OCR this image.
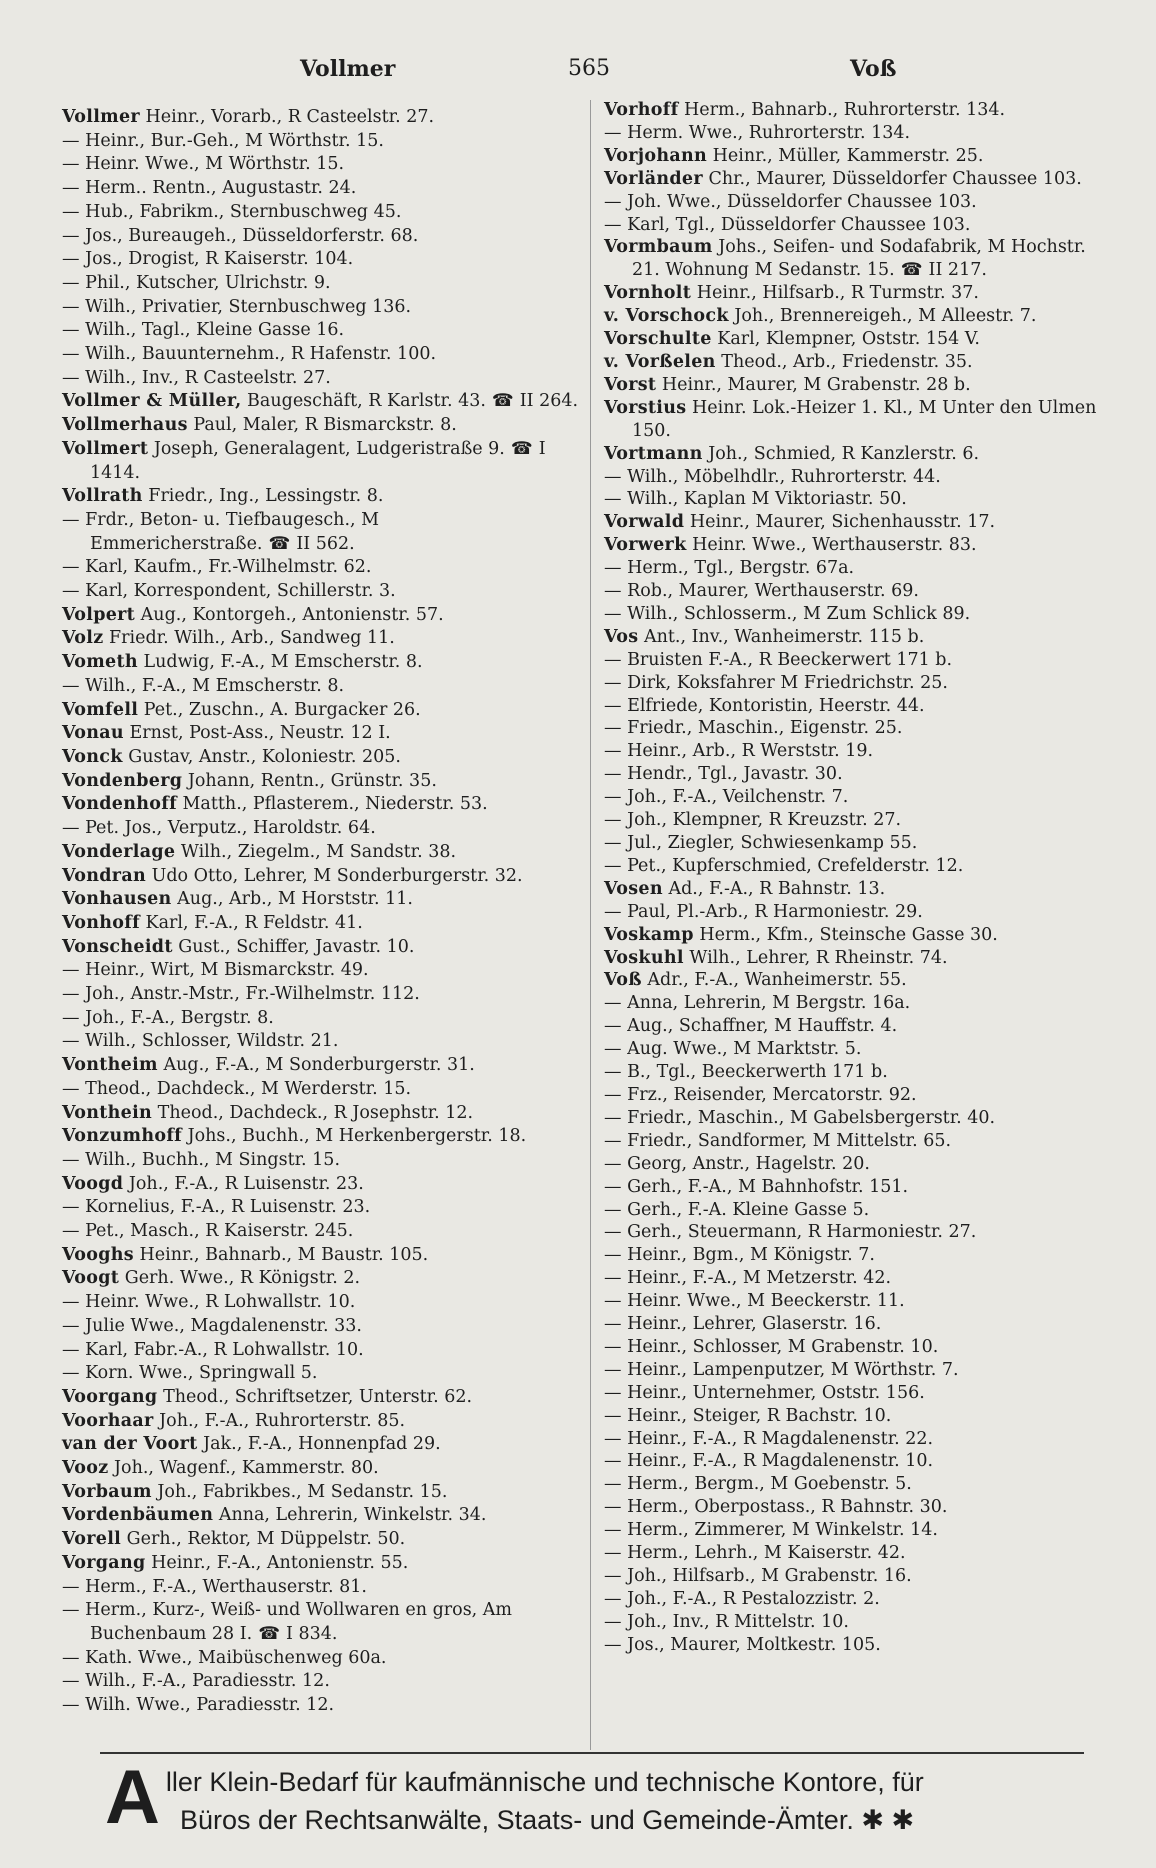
Vollmer	565	Voß
Vollmer Heinr., Vorarb., R Casteelstr. 27.
— Heinr., Bur.-Geh., M Wörthstr. 15.
— Heinr. Wwe., M Wörthstr. 15.
— Herm.. Rentn., Augustastr. 24.
— Hub., Fabrikm., Sternbuschweg 45.
— Jos., Bureaugeh., Düsseldorferstr. 68.
— Jos., Drogist, R Kaiserstr. 104.
— Phil., Kutscher, Ulrichstr. 9.
— Wilh., Privatier, Sternbuschweg 136.
— Wilh., Tagl., Kleine Gasse 16.
— Wilh., Bauunternehm., R Hafenstr. 100.
— Wilh., Inv., R Casteelstr. 27.
Vollmer & Müller, Baugeschäft, R Karlstr. 43. ☎ II 264.
Vollmerhaus Paul, Maler, R Bismarckstr. 8.
Vollmert Joseph, Generalagent, Ludgeristraße 9. ☎ I 1414.
Vollrath Friedr., Ing., Lessingstr. 8.
— Frdr., Beton- u. Tiefbaugesch., M Emmericherstraße. ☎ II 562.
— Karl, Kaufm., Fr.-Wilhelmstr. 62.
— Karl, Korrespondent, Schillerstr. 3.
Volpert Aug., Kontorgeh., Antonienstr. 57.
Volz Friedr. Wilh., Arb., Sandweg 11.
Vometh Ludwig, F.-A., M Emscherstr. 8.
— Wilh., F.-A., M Emscherstr. 8.
Vomfell Pet., Zuschn., A. Burgacker 26.
Vonau Ernst, Post-Ass., Neustr. 12 I.
Vonck Gustav, Anstr., Koloniestr. 205.
Vondenberg Johann, Rentn., Grünstr. 35.
Vondenhoff Matth., Pflasterem., Niederstr. 53.
— Pet. Jos., Verputz., Haroldstr. 64.
Vonderlage Wilh., Ziegelm., M Sandstr. 38.
Vondran Udo Otto, Lehrer, M Sonderburgerstr. 32.
Vonhausen Aug., Arb., M Horststr. 11.
Vonhoff Karl, F.-A., R Feldstr. 41.
Vonscheidt Gust., Schiffer, Javastr. 10.
— Heinr., Wirt, M Bismarckstr. 49.
— Joh., Anstr.-Mstr., Fr.-Wilhelmstr. 112.
— Joh., F.-A., Bergstr. 8.
— Wilh., Schlosser, Wildstr. 21.
Vontheim Aug., F.-A., M Sonderburgerstr. 31.
— Theod., Dachdeck., M Werderstr. 15.
Vonthein Theod., Dachdeck., R Josephstr. 12.
Vonzumhoff Johs., Buchh., M Herkenbergerstr. 18.
— Wilh., Buchh., M Singstr. 15.
Voogd Joh., F.-A., R Luisenstr. 23.
— Kornelius, F.-A., R Luisenstr. 23.
— Pet., Masch., R Kaiserstr. 245.
Vooghs Heinr., Bahnarb., M Baustr. 105.
Voogt Gerh. Wwe., R Königstr. 2.
— Heinr. Wwe., R Lohwallstr. 10.
— Julie Wwe., Magdalenenstr. 33.
— Karl, Fabr.-A., R Lohwallstr. 10.
— Korn. Wwe., Springwall 5.
Voorgang Theod., Schriftsetzer, Unterstr. 62.
Voorhaar Joh., F.-A., Ruhrorterstr. 85.
van der Voort Jak., F.-A., Honnenpfad 29.
Vooz Joh., Wagenf., Kammerstr. 80.
Vorbaum Joh., Fabrikbes., M Sedanstr. 15.
Vordenbäumen Anna, Lehrerin, Winkelstr. 34.
Vorell Gerh., Rektor, M Düppelstr. 50.
Vorgang Heinr., F.-A., Antonienstr. 55.
— Herm., F.-A., Werthauserstr. 81.
— Herm., Kurz-, Weiß- und Wollwaren en gros, Am Buchenbaum 28 I. ☎ I 834.
— Kath. Wwe., Maibüschenweg 60a.
— Wilh., F.-A., Paradiesstr. 12.
— Wilh. Wwe., Paradiesstr. 12.
Vorhoff Herm., Bahnarb., Ruhrorterstr. 134.
— Herm. Wwe., Ruhrorterstr. 134.
Vorjohann Heinr., Müller, Kammerstr. 25.
Vorländer Chr., Maurer, Düsseldorfer Chaussee 103.
— Joh. Wwe., Düsseldorfer Chaussee 103.
— Karl, Tgl., Düsseldorfer Chaussee 103.
Vormbaum Johs., Seifen- und Sodafabrik, M Hochstr. 21. Wohnung M Sedanstr. 15. ☎ II 217.
Vornholt Heinr., Hilfsarb., R Turmstr. 37.
v. Vorschock Joh., Brennereigeh., M Alleestr. 7.
Vorschulte Karl, Klempner, Oststr. 154 V.
v. Vorßelen Theod., Arb., Friedenstr. 35.
Vorst Heinr., Maurer, M Grabenstr. 28 b.
Vorstius Heinr. Lok.-Heizer 1. Kl., M Unter den Ulmen 150.
Vortmann Joh., Schmied, R Kanzlerstr. 6.
— Wilh., Möbelhdlr., Ruhrorterstr. 44.
— Wilh., Kaplan M Viktoriastr. 50.
Vorwald Heinr., Maurer, Sichenhausstr. 17.
Vorwerk Heinr. Wwe., Werthauserstr. 83.
— Herm., Tgl., Bergstr. 67a.
— Rob., Maurer, Werthauserstr. 69.
— Wilh., Schlosserm., M Zum Schlick 89.
Vos Ant., Inv., Wanheimerstr. 115 b.
— Bruisten F.-A., R Beeckerwert 171 b.
— Dirk, Koksfahrer M Friedrichstr. 25.
— Elfriede, Kontoristin, Heerstr. 44.
— Friedr., Maschin., Eigenstr. 25.
— Heinr., Arb., R Werststr. 19.
— Hendr., Tgl., Javastr. 30.
— Joh., F.-A., Veilchenstr. 7.
— Joh., Klempner, R Kreuzstr. 27.
— Jul., Ziegler, Schwiesenkamp 55.
— Pet., Kupferschmied, Crefelderstr. 12.
Vosen Ad., F.-A., R Bahnstr. 13.
— Paul, Pl.-Arb., R Harmoniestr. 29.
Voskamp Herm., Kfm., Steinsche Gasse 30.
Voskuhl Wilh., Lehrer, R Rheinstr. 74.
Voß Adr., F.-A., Wanheimerstr. 55.
— Anna, Lehrerin, M Bergstr. 16a.
— Aug., Schaffner, M Hauffstr. 4.
— Aug. Wwe., M Marktstr. 5.
— B., Tgl., Beeckerwerth 171 b.
— Frz., Reisender, Mercatorstr. 92.
— Friedr., Maschin., M Gabelsbergerstr. 40.
— Friedr., Sandformer, M Mittelstr. 65.
— Georg, Anstr., Hagelstr. 20.
— Gerh., F.-A., M Bahnhofstr. 151.
— Gerh., F.-A. Kleine Gasse 5.
— Gerh., Steuermann, R Harmoniestr. 27.
— Heinr., Bgm., M Königstr. 7.
— Heinr., F.-A., M Metzerstr. 42.
— Heinr. Wwe., M Beeckerstr. 11.
— Heinr., Lehrer, Glaserstr. 16.
— Heinr., Schlosser, M Grabenstr. 10.
— Heinr., Lampenputzer, M Wörthstr. 7.
— Heinr., Unternehmer, Oststr. 156.
— Heinr., Steiger, R Bachstr. 10.
— Heinr., F.-A., R Magdalenenstr. 22.
— Heinr., F.-A., R Magdalenenstr. 10.
— Herm., Bergm., M Goebenstr. 5.
— Herm., Oberpostass., R Bahnstr. 30.
— Herm., Zimmerer, M Winkelstr. 14.
— Herm., Lehrh., M Kaiserstr. 42.
— Joh., Hilfsarb., M Grabenstr. 16.
— Joh., F.-A., R Pestalozzistr. 2.
— Joh., Inv., R Mittelstr. 10.
— Jos., Maurer, Moltkestr. 105.
A ller Klein-Bedarf für kaufmännische und technische Kontore, für
Büros der Rechtsanwälte, Staats- und Gemeinde-Ämter. ✱ ✱
